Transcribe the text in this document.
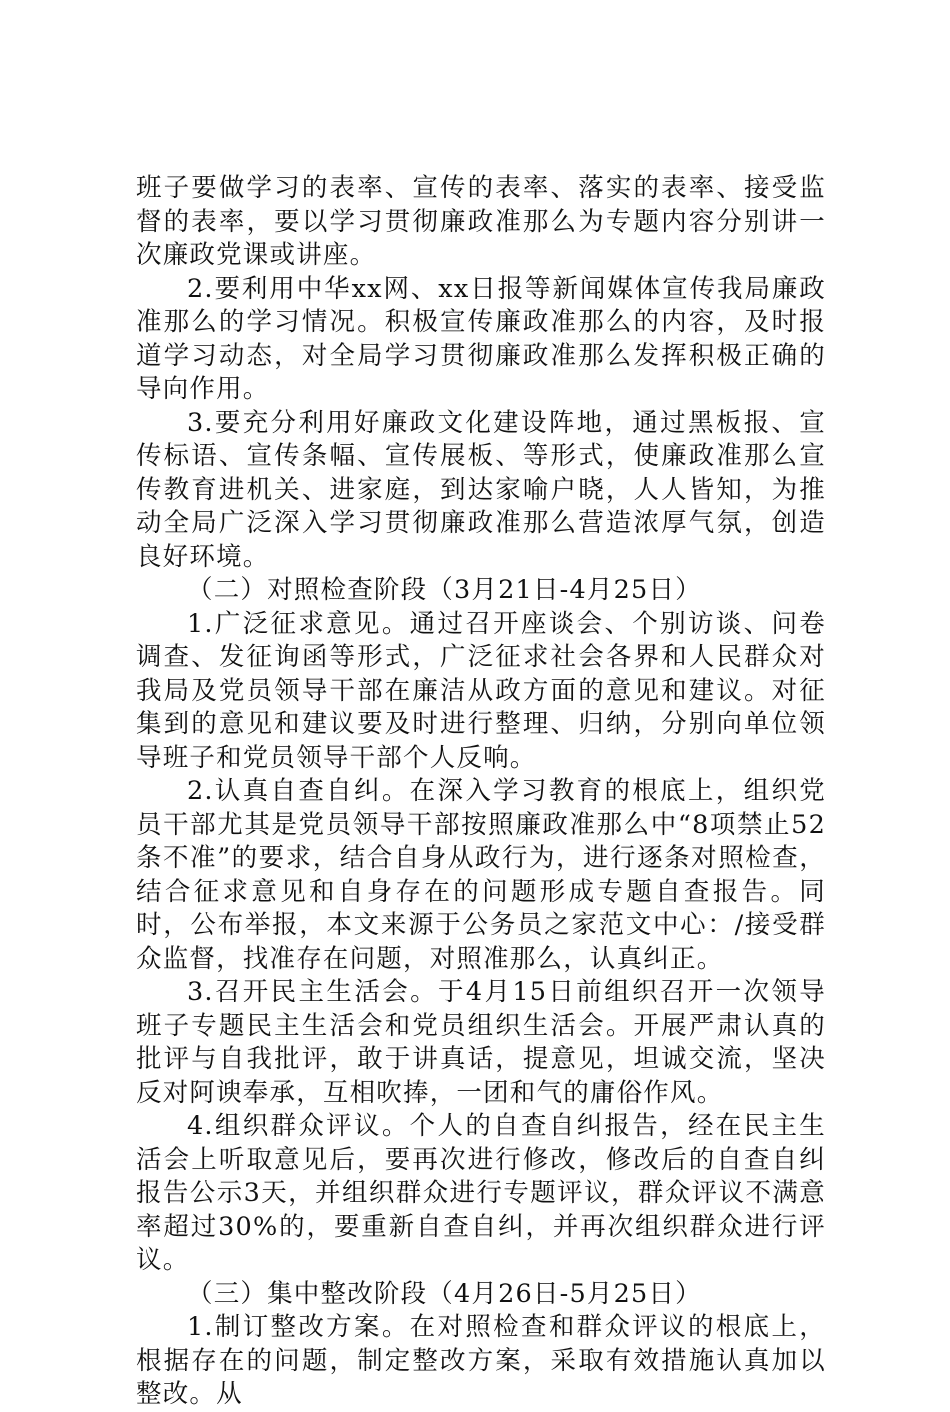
班子要做学习的表率、宣传的表率、落实的表率、接受监督的表率，要以学习贯彻廉政准那么为专题内容分别讲一次廉政党课或讲座。

2.要利用中华xx网、xx日报等新闻媒体宣传我局廉政准那么的学习情况。积极宣传廉政准那么的内容，及时报道学习动态，对全局学习贯彻廉政准那么发挥积极正确的导向作用。

3.要充分利用好廉政文化建设阵地，通过黑板报、宣传标语、宣传条幅、宣传展板、等形式，使廉政准那么宣传教育进机关、进家庭，到达家喻户晓，人人皆知，为推动全局广泛深入学习贯彻廉政准那么营造浓厚气氛，创造良好环境。

（二）对照检查阶段（3月21日-4月25日）

1.广泛征求意见。通过召开座谈会、个别访谈、问卷调查、发征询函等形式，广泛征求社会各界和人民群众对我局及党员领导干部在廉洁从政方面的意见和建议。对征集到的意见和建议要及时进行整理、归纳，分别向单位领导班子和党员领导干部个人反响。

2.认真自查自纠。在深入学习教育的根底上，组织党员干部尤其是党员领导干部按照廉政准那么中“8项禁止52条不准”的要求，结合自身从政行为，进行逐条对照检查，结合征求意见和自身存在的问题形成专题自查报告。同时，公布举报，本文来源于公务员之家范文中心：/接受群众监督，找准存在问题，对照准那么，认真纠正。

3.召开民主生活会。于4月15日前组织召开一次领导班子专题民主生活会和党员组织生活会。开展严肃认真的批评与自我批评，敢于讲真话，提意见，坦诚交流，坚决反对阿谀奉承，互相吹捧，一团和气的庸俗作风。

4.组织群众评议。个人的自查自纠报告，经在民主生活会上听取意见后，要再次进行修改，修改后的自查自纠报告公示3天，并组织群众进行专题评议，群众评议不满意率超过30%的，要重新自查自纠，并再次组织群众进行评议。

（三）集中整改阶段（4月26日-5月25日）

1.制订整改方案。在对照检查和群众评议的根底上，根据存在的问题，制定整改方案，采取有效措施认真加以整改。从
